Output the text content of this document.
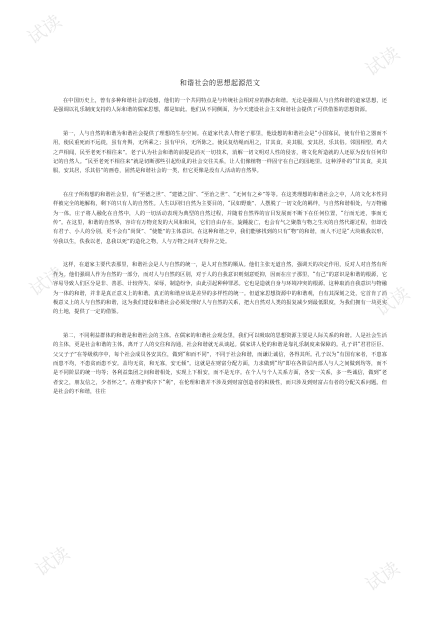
试读
试读
试读
试读
试读	试读
和谐社会的思想起源范文

在中国历史上，曾有多种和谐社会的设想，他们的一个共同特点是与传统社会相对应的静态和谐。无论是强调人与自然和谐的道家思想，还是强调以礼乐制度支持的人际和谐的儒家思想，都是如此。他们从不同侧面，为今天建设社会主义和谐社会提供了可供借鉴的思想资源。

第一，人与自然的和谐为和谐社会提供了理想的生存空间。在道家代表人物老子那里，他设想的和谐社会是“小国寡民，使有什伯之器而不用，使民重死而不远徙，虽有舟舆，无所乘之；虽有甲兵，无所陈之。使民复结绳而用之，甘其食，美其服，安其居，乐其俗。邻国相望，鸡犬之声相闻，民至老死不相往来”。老子认为社会和谐的前提是消灭一切技术，消解一切文明对人性的侵害，将文化所造就的人还原为没有任何印记的自然人。“民至老死不相往来”就是切断那些引起纷乱的社会交往关系，让人们像植物一样固守在自己的园地里。这种浮朴的“甘其食，美其服，安其居，乐其俗”的画卷，固然是和谐社会的一类，但它更像是没有人活动的自然界。

在庄子所构想的和谐社会里，有“至德之世”、“建德之国”、“至治之世”、“无何有之乡”等等。在这类理想的和谐社会之中，人的文化本性同样被完全的地解构，剩下的只有人的自然性。人生以回归自然为主要目的，“民如野鹿”、人摆脱了一切文化的羁绊，与自然和谐相处，与万物融为一体。庄子将人融化在自然中，人的一切活动表现为典型的自然过程，并随着自然界的盲目发展而不断下在任何位置，“行而无迹，事而无传”。在这里，和谐的自然界，容许有万物竞发的大风和和风，它们自由存在，旋踵旋亡，也会有气之聚散与物之生灭的自然代谢过程，但却没有君子、小人的分别，更不会有“尚贤”、“使能”的主体意识。在这种和谐之中，我们能够找到的只有“物”的和谐，而人不过是“大块载我以形，劳我以生，佚我以老，息我以死”的造化之物，人与万物之间并无特异之处。

这样，在道家主要代表那里，和谐社会是人与自然的统一，是人对自然的顺从。他们主张无道自然，强调天的决定作用，反对人对自然有所作为。他们强调人作为自然的一部分，而对人与自然的区别，对于人的自我意识则刻意贬抑，因而在庄子那里，“有己”的意识是和谐的根源，它容易导致人们区分是非、善恶、计较得失、荣辱，制造纷争，由此引起种种罪恶。它也是造就自身与环境冲突的根源。这种取消自我意识与物融为一体的和谐，并非是真正意义上的和谐。真正的和谐应该是差异的多样性的统一。但道家思想资源中的和谐观，自有其深刻之处，它首肯了消极意义上的人与自然的和谐，这为我们建设和谐社会必须处理好人与自然的关系，把大自然对人类的报复减少到最低限度，为我们拥有一块更实的土地，提供了一定的借鉴。

第二，不同利益群体的和谐是和谐社会的主体。在儒家的和谐社会观念里，我们可以吸取的思想资源主要是人际关系的和谐。人是社会生活的主体，更是社会和谐的主体，离开了人的交往和沟通，社会和谐就无从谈起。儒家讲人伦的和谐是靠礼乐制度来保障的。孔子讲“君君臣臣、父父子子”在等级秩序中，每个社会成员各安其位，做到“和而不同”，不同于社会和谐，而谦让诚信，各得其所。孔子以为“有国有家者，不患寡而患不均，不患贫而患不安。盖均无贫，和无寡，安无倾”。这就是在财富分配方面，力求做到“均”即在各阶层内部人与人之间做到均等，而不是不同阶层的统一均等；各利益集团之间和谐相处，实现上下相安，而不是无序。在个人与个人关系方面，各安一关系，多一些诚信，做到“老者安之，朋友信之，少者怀之”。在维护秩序下“利”，在伦理和谐并不涉及到财富创造者的积极性，而只涉及到财富占有者的分配关系问题。但是社会的不和谐，往往
